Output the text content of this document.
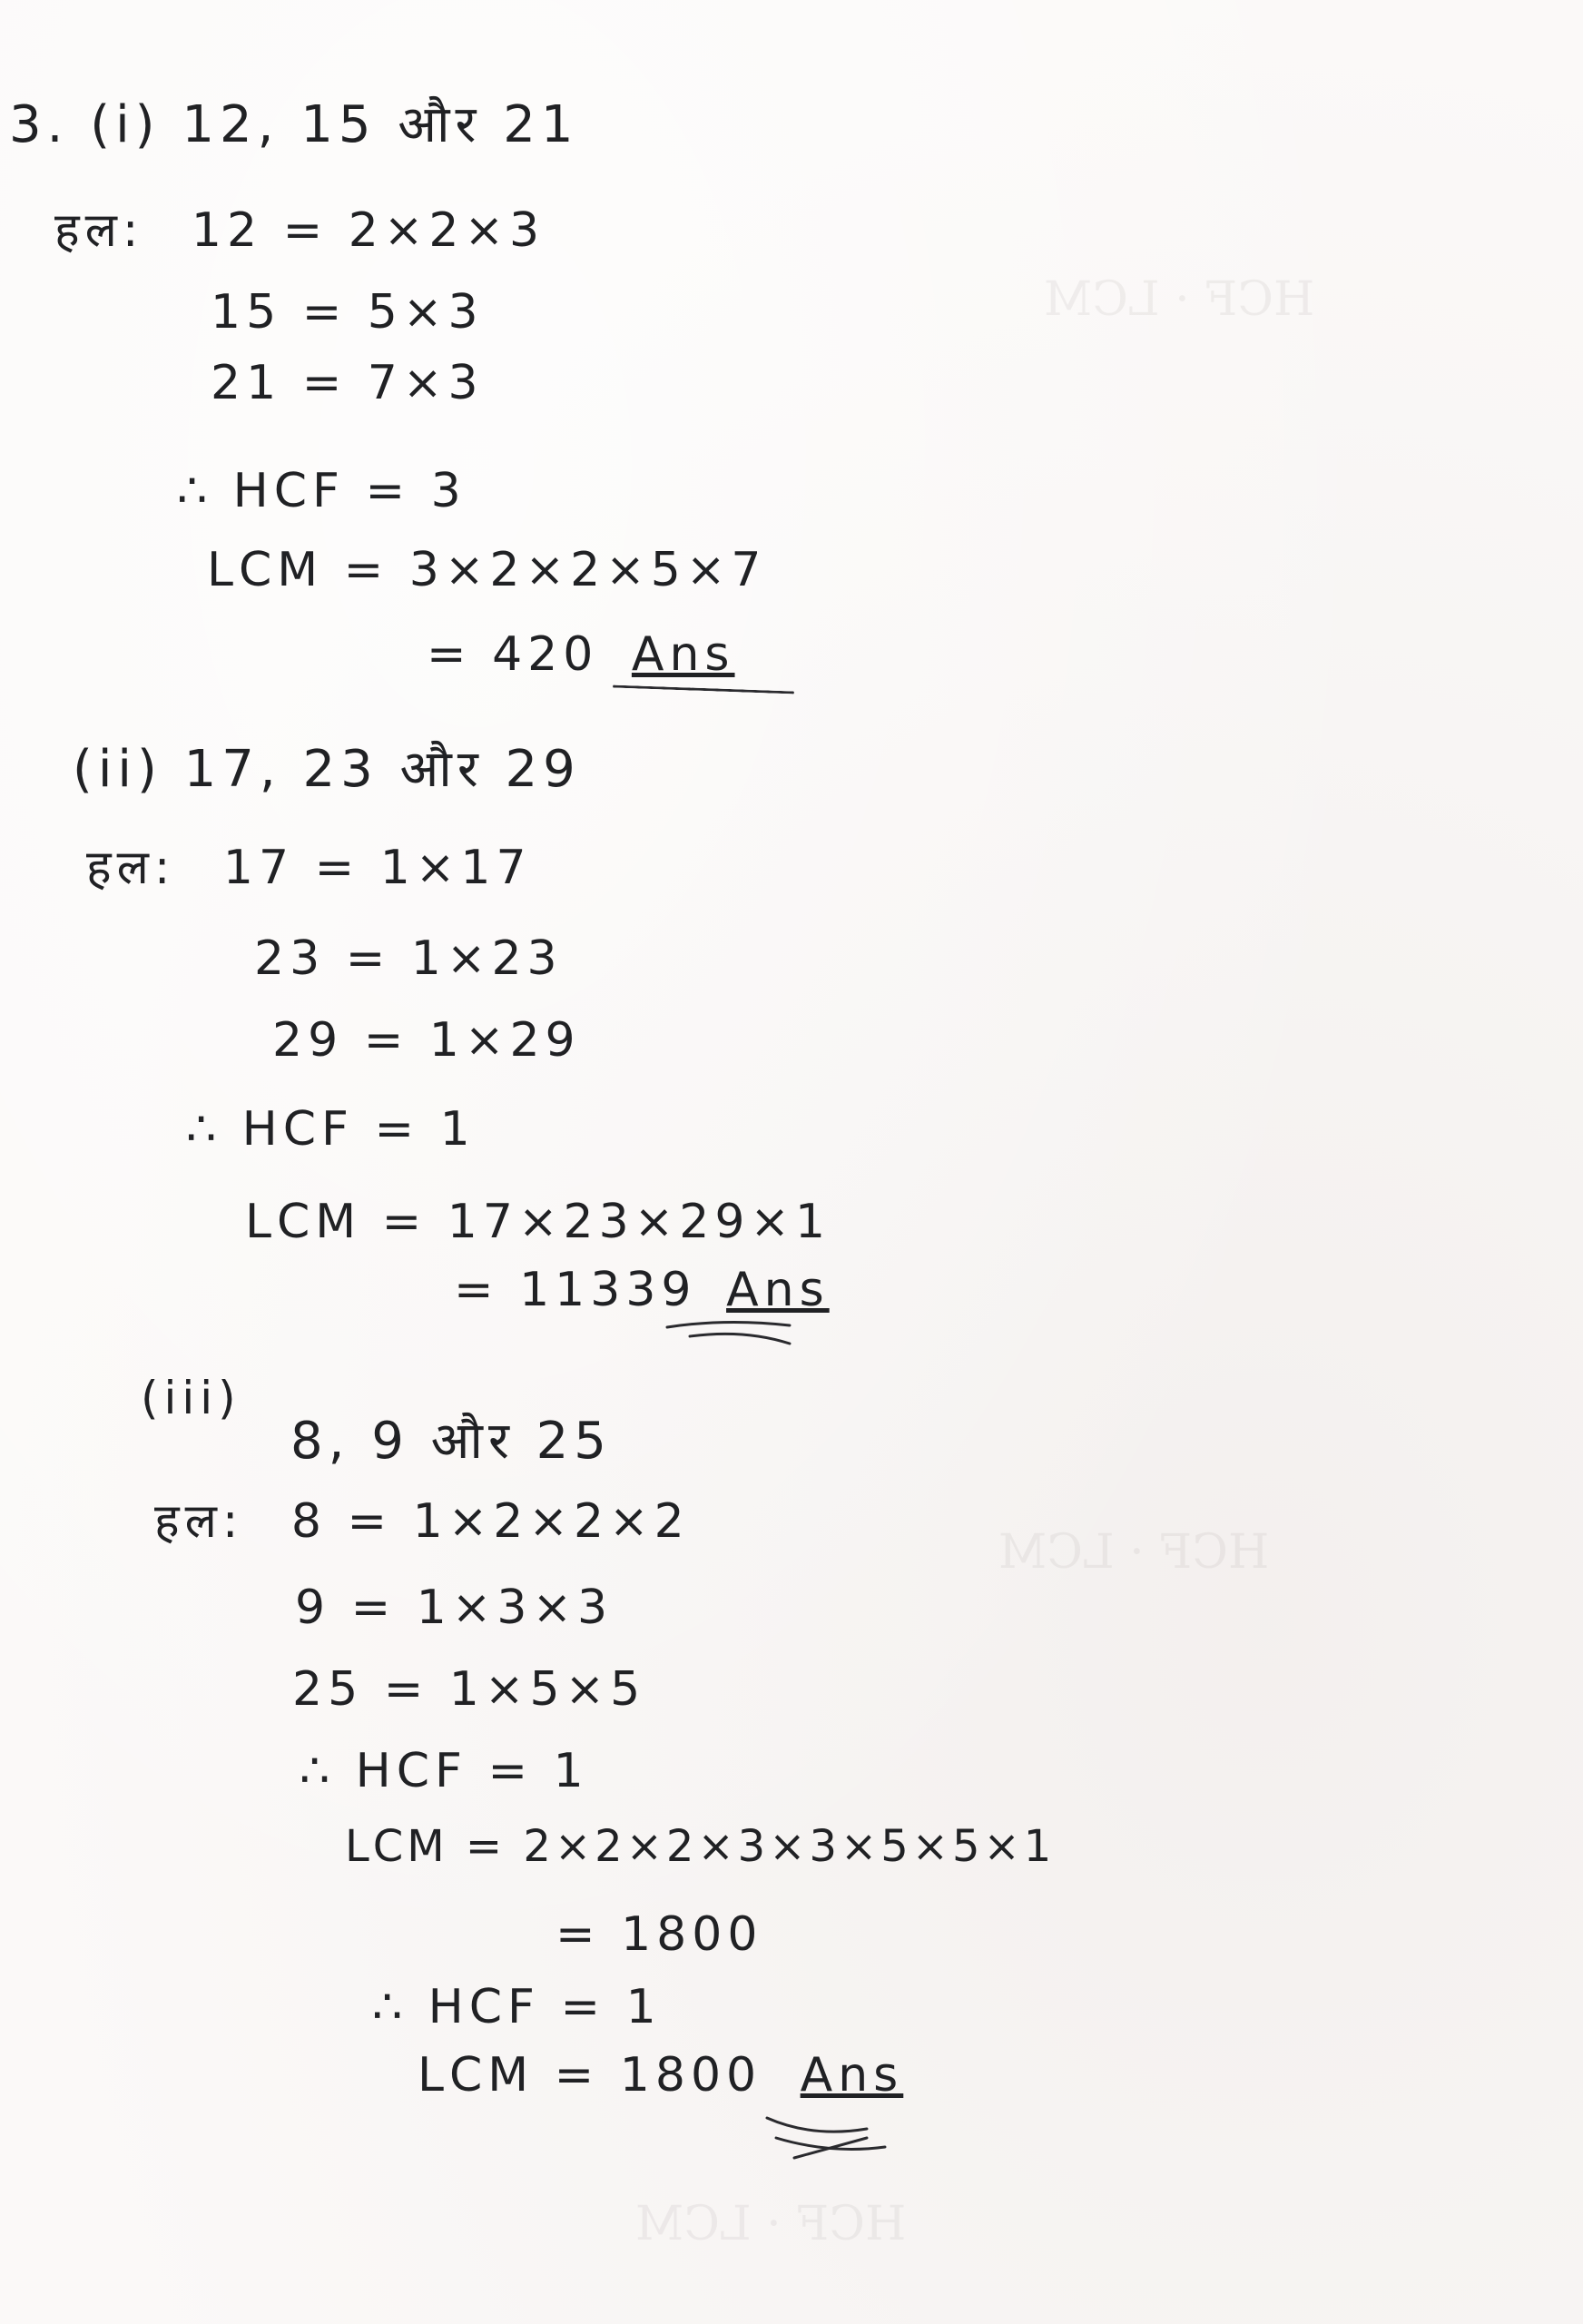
HCF · LCM
HCF · LCM
HCF · LCM
3. (i) 12, 15 और 21
हल: 12 = 2×2×3
15 = 5×3
21 = 7×3
∴ HCF = 3
LCM = 3×2×2×5×7
= 420 Ans
(ii) 17, 23 और 29
हल: 17 = 1×17
23 = 1×23
29 = 1×29
∴ HCF = 1
LCM = 17×23×29×1
= 11339 Ans
(iii)
8, 9 और 25
हल: 8 = 1×2×2×2
9 = 1×3×3
25 = 1×5×5
∴ HCF = 1
LCM = 2×2×2×3×3×5×5×1
= 1800
∴ HCF = 1
LCM = 1800 Ans
